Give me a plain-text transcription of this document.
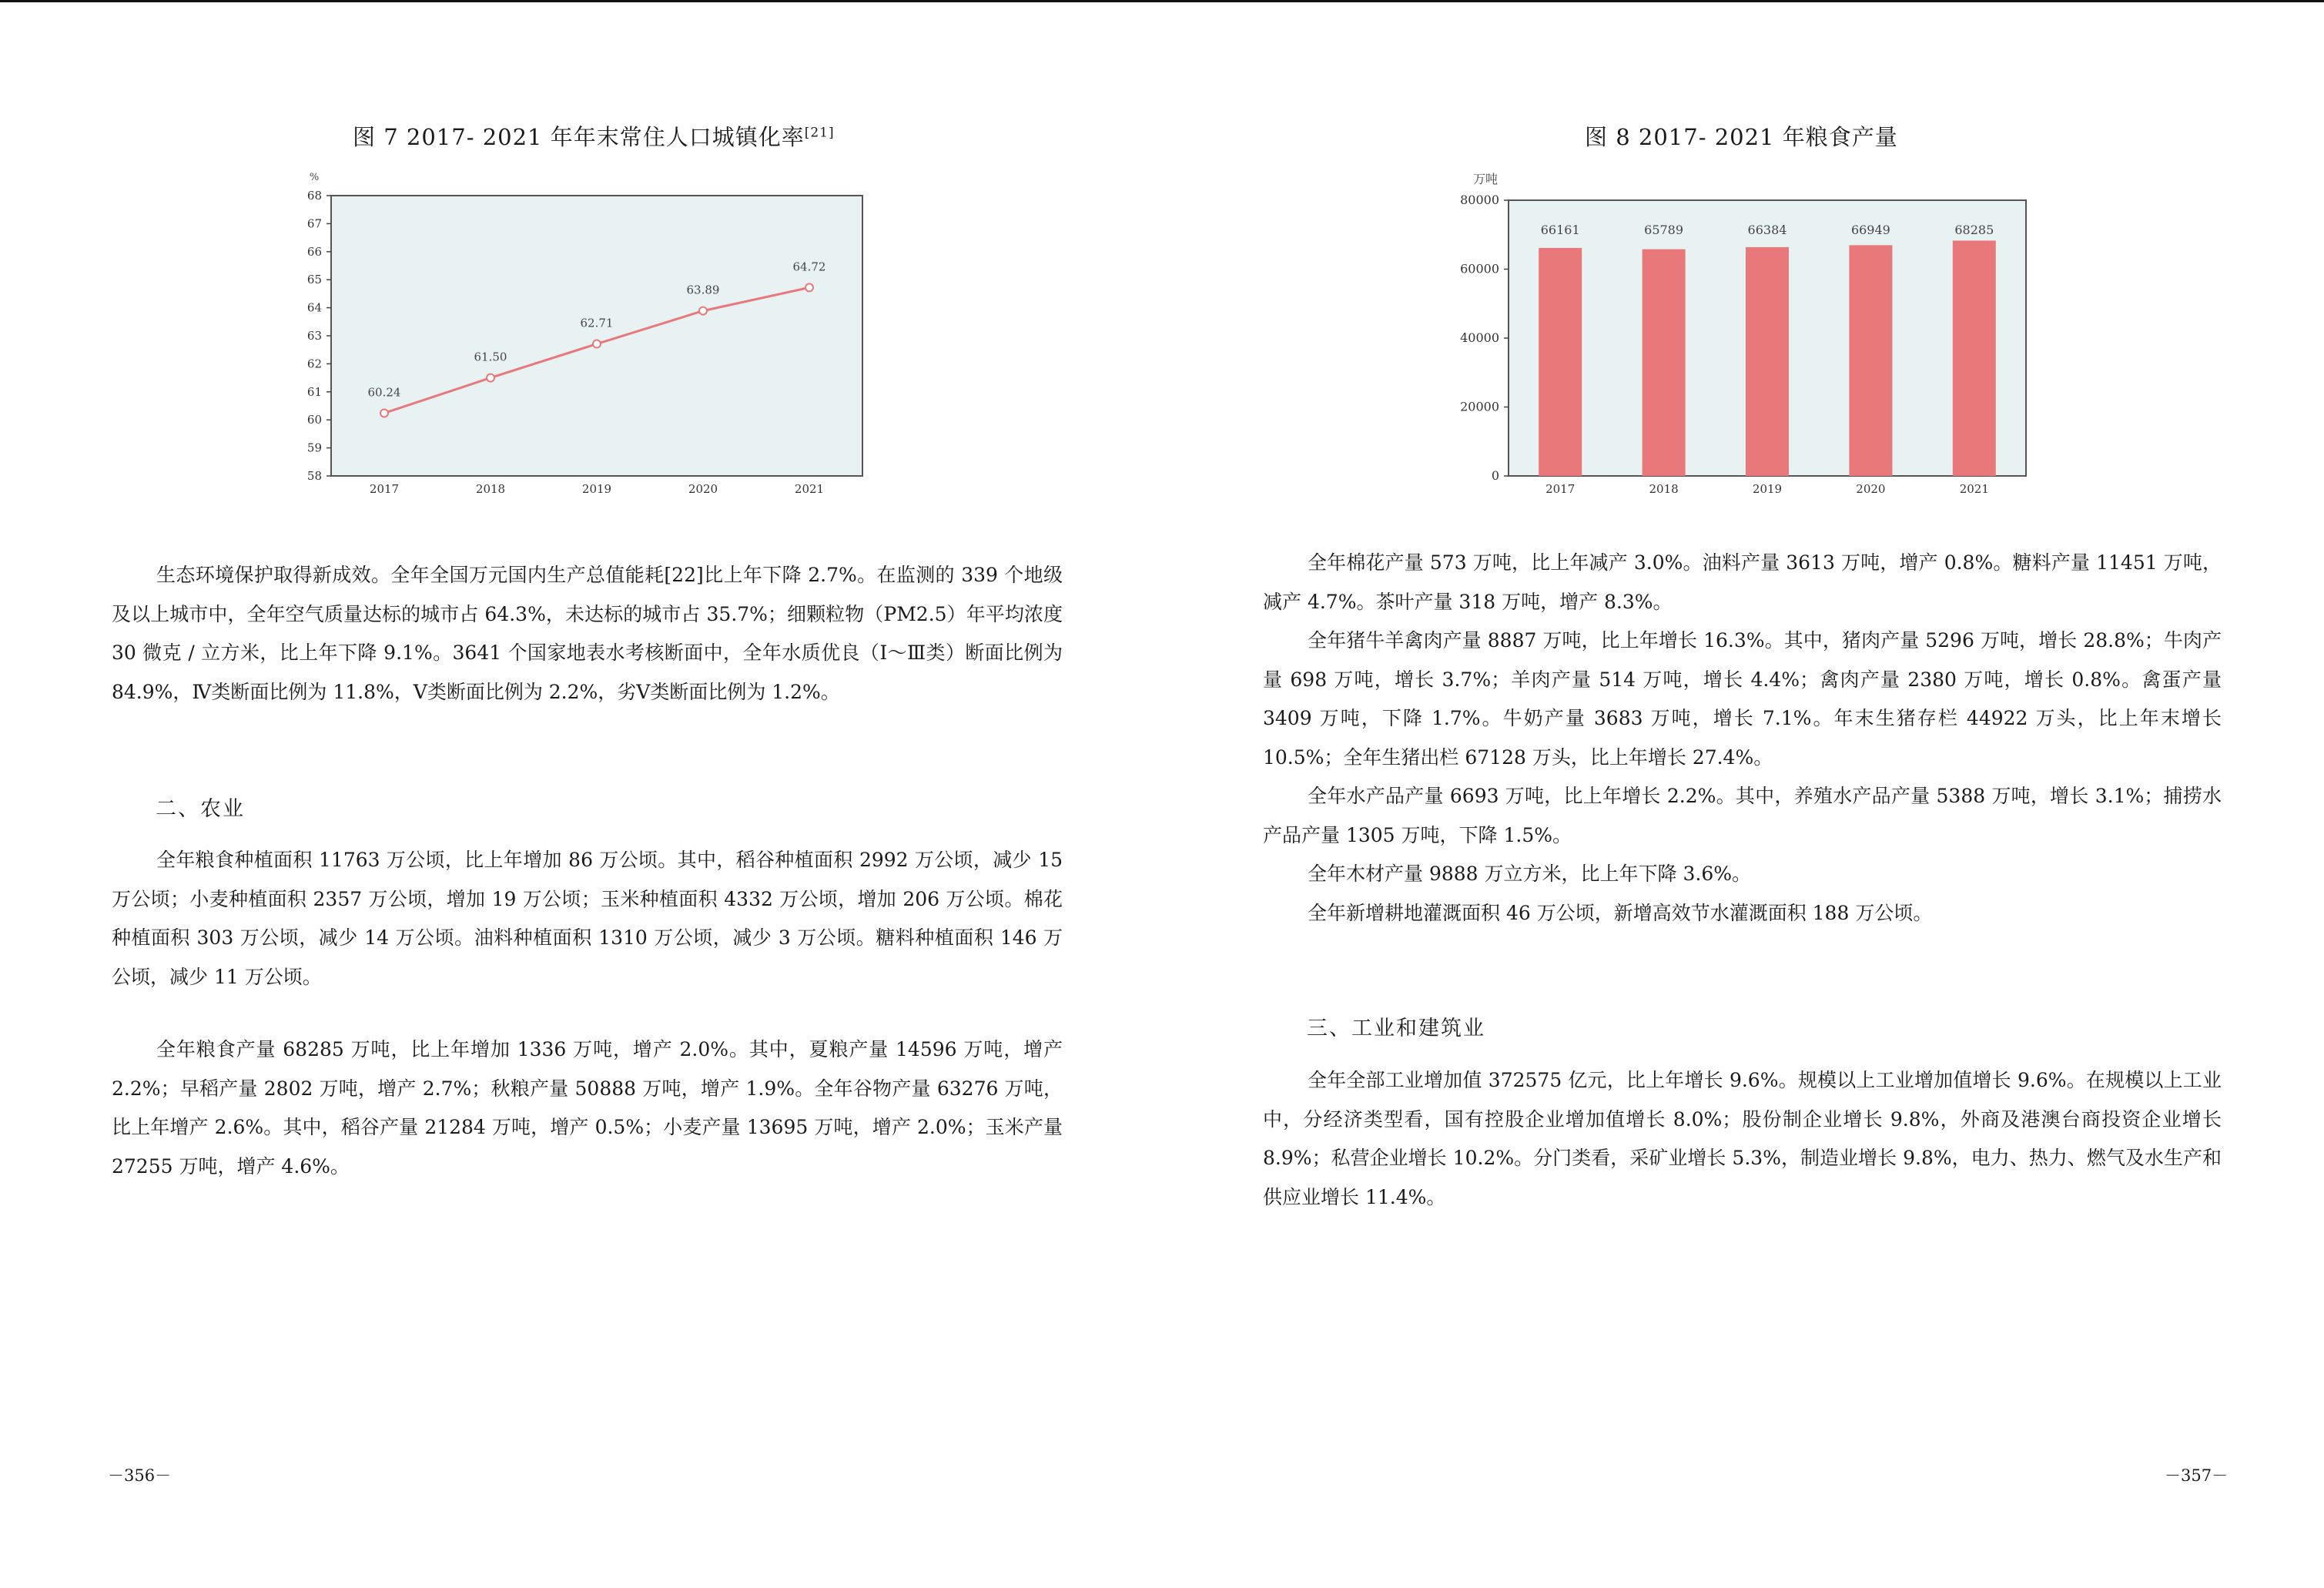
图 7 2017- 2021 年年末常住人口城镇化率[21]
%
58
59
60
61
62
63
64
65
66
67
68
2017	2018	2019	2020	2021
60.24
61.50
62.71
63.89
64.72

生态环境保护取得新成效。全年全国万元国内生产总值能耗[22]比上年下降 2.7%。在监测的 339 个地级及以上城市中，全年空气质量达标的城市占 64.3%，未达标的城市占 35.7%；细颗粒物（PM2.5）年平均浓度 30 微克 / 立方米，比上年下降 9.1%。3641 个国家地表水考核断面中，全年水质优良（Ⅰ～Ⅲ类）断面比例为 84.9%，Ⅳ类断面比例为 11.8%，Ⅴ类断面比例为 2.2%，劣Ⅴ类断面比例为 1.2%。

二、农业

全年粮食种植面积 11763 万公顷，比上年增加 86 万公顷。其中，稻谷种植面积 2992 万公顷，减少 15 万公顷；小麦种植面积 2357 万公顷，增加 19 万公顷；玉米种植面积 4332 万公顷，增加 206 万公顷。棉花种植面积 303 万公顷，减少 14 万公顷。油料种植面积 1310 万公顷，减少 3 万公顷。糖料种植面积 146 万公顷，减少 11 万公顷。

全年粮食产量 68285 万吨，比上年增加 1336 万吨，增产 2.0%。其中，夏粮产量 14596 万吨，增产 2.2%；早稻产量 2802 万吨，增产 2.7%；秋粮产量 50888 万吨，增产 1.9%。全年谷物产量 63276 万吨，比上年增产 2.6%。其中，稻谷产量 21284 万吨，增产 0.5%；小麦产量 13695 万吨，增产 2.0%；玉米产量 27255 万吨，增产 4.6%。

－356－
图 8 2017- 2021 年粮食产量
万吨
0
20000
40000
60000
80000
2017	2018	2019	2020	2021
66161	65789	66384	66949	68285

全年棉花产量 573 万吨，比上年减产 3.0%。油料产量 3613 万吨，增产 0.8%。糖料产量 11451 万吨，减产 4.7%。茶叶产量 318 万吨，增产 8.3%。

全年猪牛羊禽肉产量 8887 万吨，比上年增长 16.3%。其中，猪肉产量 5296 万吨，增长 28.8%；牛肉产量 698 万吨，增长 3.7%；羊肉产量 514 万吨，增长 4.4%；禽肉产量 2380 万吨，增长 0.8%。禽蛋产量 3409 万吨，下降 1.7%。牛奶产量 3683 万吨，增长 7.1%。年末生猪存栏 44922 万头，比上年末增长 10.5%；全年生猪出栏 67128 万头，比上年增长 27.4%。

全年水产品产量 6693 万吨，比上年增长 2.2%。其中，养殖水产品产量 5388 万吨，增长 3.1%；捕捞水产品产量 1305 万吨，下降 1.5%。

全年木材产量 9888 万立方米，比上年下降 3.6%。

全年新增耕地灌溉面积 46 万公顷，新增高效节水灌溉面积 188 万公顷。

三、工业和建筑业

全年全部工业增加值 372575 亿元，比上年增长 9.6%。规模以上工业增加值增长 9.6%。在规模以上工业中，分经济类型看，国有控股企业增加值增长 8.0%；股份制企业增长 9.8%，外商及港澳台商投资企业增长 8.9%；私营企业增长 10.2%。分门类看，采矿业增长 5.3%，制造业增长 9.8%，电力、热力、燃气及水生产和供应业增长 11.4%。

－357－
